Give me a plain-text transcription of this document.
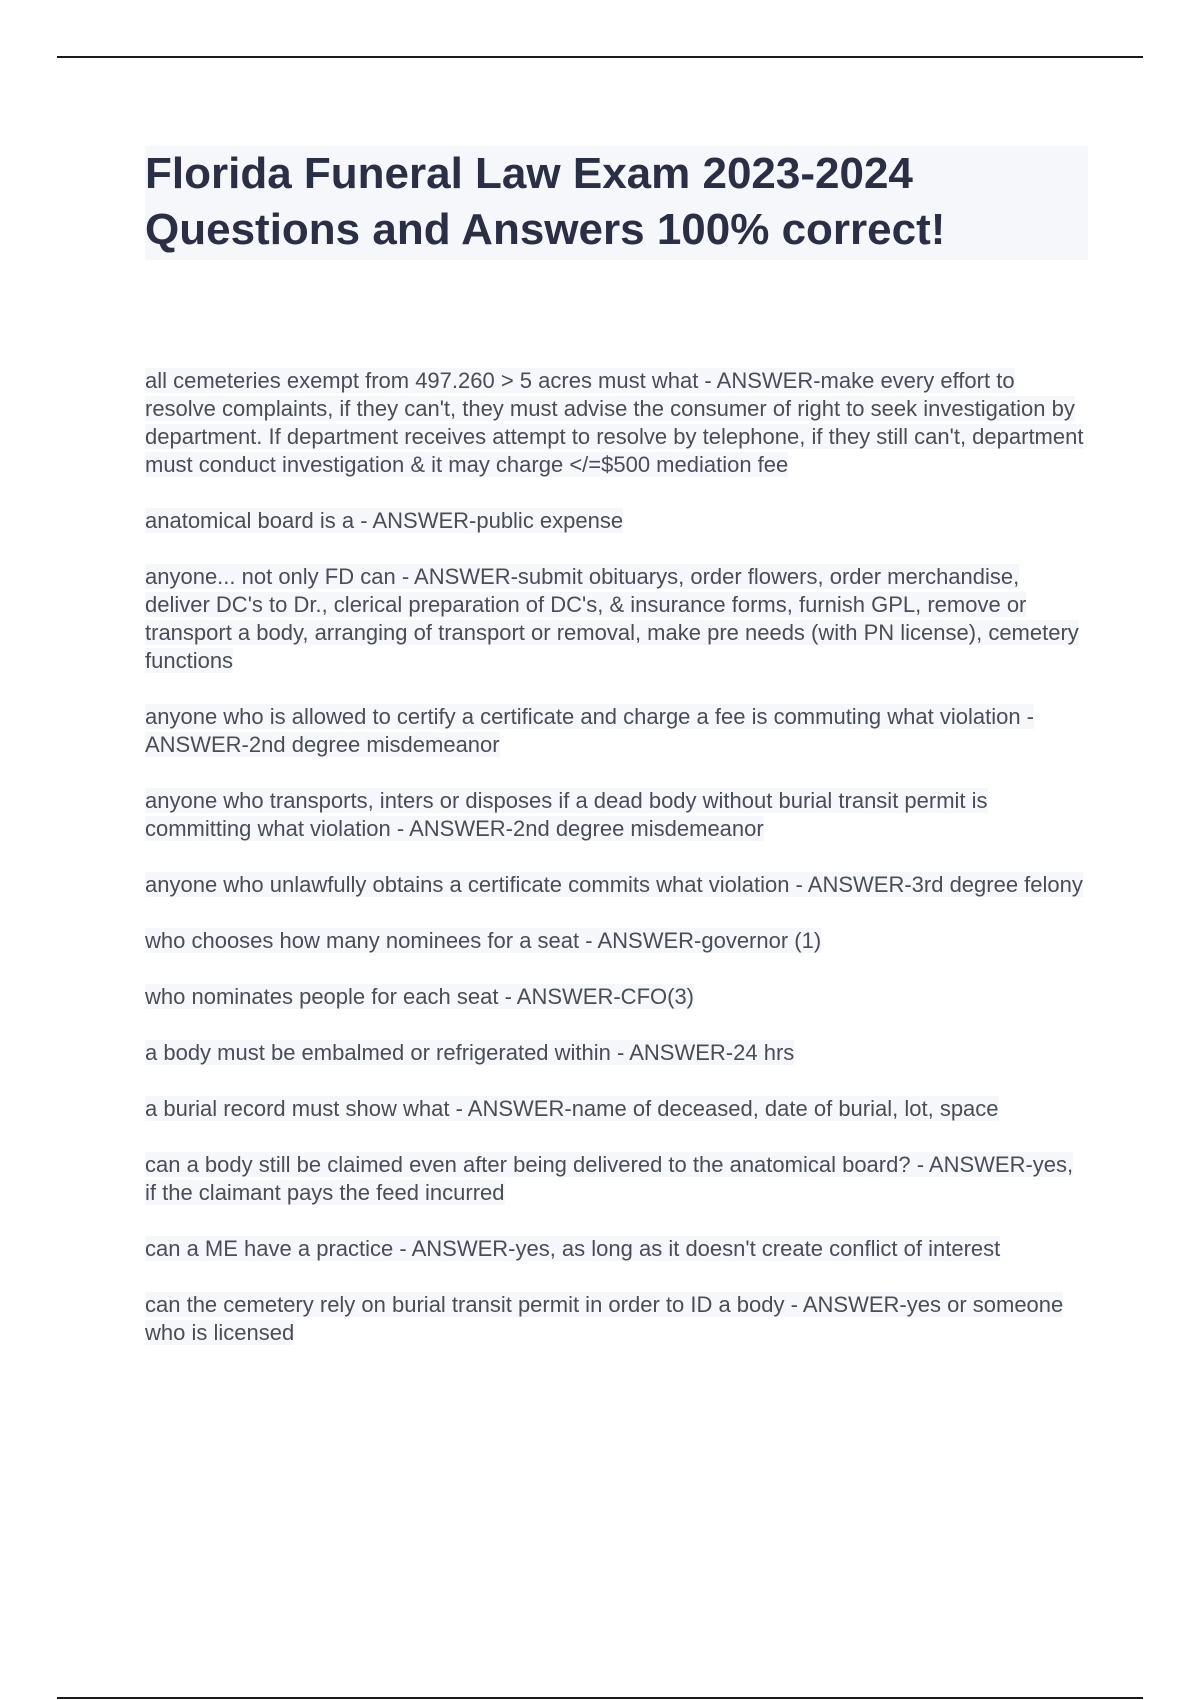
Florida Funeral Law Exam 2023-2024
Questions and Answers 100% correct!
all cemeteries exempt from 497.260 > 5 acres must what - ANSWER-make every effort to resolve complaints, if they can't, they must advise the consumer of right to seek investigation by department. If department receives attempt to resolve by telephone, if they still can't, department must conduct investigation & it may charge </=$500 mediation fee
anatomical board is a - ANSWER-public expense
anyone... not only FD can - ANSWER-submit obituarys, order flowers, order merchandise, deliver DC's to Dr., clerical preparation of DC's, & insurance forms, furnish GPL, remove or transport a body, arranging of transport or removal, make pre needs (with PN license), cemetery functions
anyone who is allowed to certify a certificate and charge a fee is commuting what violation - ANSWER-2nd degree misdemeanor
anyone who transports, inters or disposes if a dead body without burial transit permit is committing what violation - ANSWER-2nd degree misdemeanor
anyone who unlawfully obtains a certificate commits what violation - ANSWER-3rd degree felony
who chooses how many nominees for a seat - ANSWER-governor (1)
who nominates people for each seat - ANSWER-CFO(3)
a body must be embalmed or refrigerated within - ANSWER-24 hrs
a burial record must show what - ANSWER-name of deceased, date of burial, lot, space
can a body still be claimed even after being delivered to the anatomical board? - ANSWER-yes, if the claimant pays the feed incurred
can a ME have a practice - ANSWER-yes, as long as it doesn't create conflict of interest
can the cemetery rely on burial transit permit in order to ID a body - ANSWER-yes or someone who is licensed
